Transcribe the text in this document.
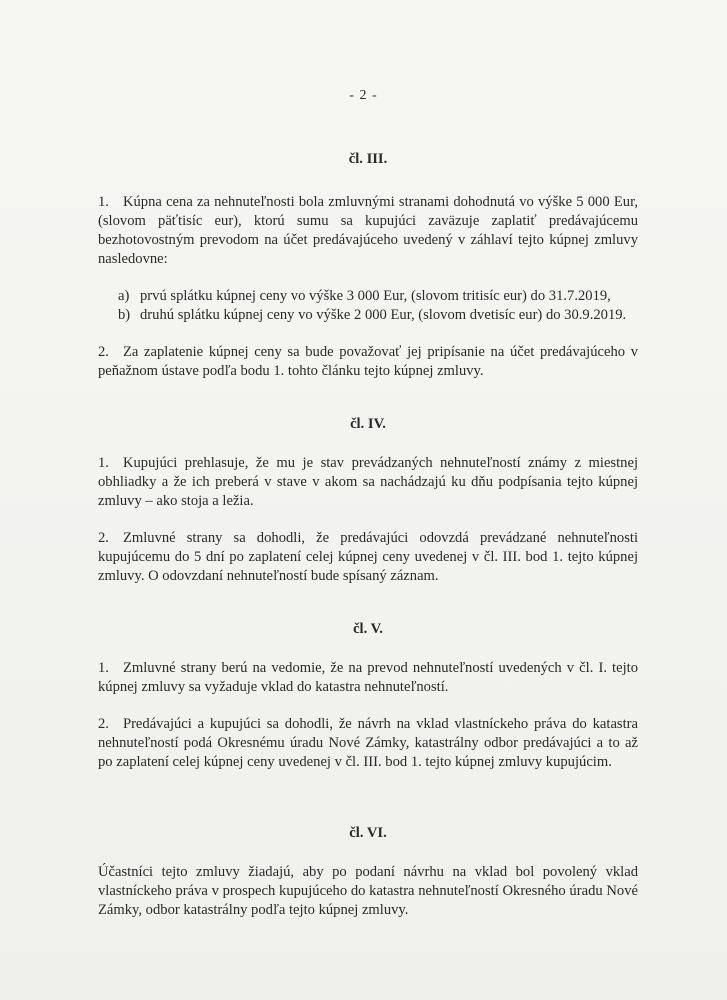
- 2 -
čl. III.

1. Kúpna cena za nehnuteľnosti bola zmluvnými stranami dohodnutá vo výške 5 000 Eur, (slovom päťtisíc eur), ktorú sumu sa kupujúci zaväzuje zaplatiť predávajúcemu bezhotovostným prevodom na účet predávajúceho uvedený v záhlaví tejto kúpnej zmluvy nasledovne:

a) prvú splátku kúpnej ceny vo výške 3 000 Eur, (slovom tritisíc eur) do 31.7.2019,
b) druhú splátku kúpnej ceny vo výške 2 000 Eur, (slovom dvetisíc eur) do 30.9.2019.

2. Za zaplatenie kúpnej ceny sa bude považovať jej pripísanie na účet predávajúceho v peňažnom ústave podľa bodu 1. tohto článku tejto kúpnej zmluvy.

čl. IV.

1. Kupujúci prehlasuje, že mu je stav prevádzaných nehnuteľností známy z miestnej obhliadky a že ich preberá v stave v akom sa nachádzajú ku dňu podpísania tejto kúpnej zmluvy – ako stoja a ležia.

2. Zmluvné strany sa dohodli, že predávajúci odovzdá prevádzané nehnuteľnosti kupujúcemu do 5 dní po zaplatení celej kúpnej ceny uvedenej v čl. III. bod 1. tejto kúpnej zmluvy. O odovzdaní nehnuteľností bude spísaný záznam.

čl. V.

1. Zmluvné strany berú na vedomie, že na prevod nehnuteľností uvedených v čl. I. tejto kúpnej zmluvy sa vyžaduje vklad do katastra nehnuteľností.

2. Predávajúci a kupujúci sa dohodli, že návrh na vklad vlastníckeho práva do katastra nehnuteľností podá Okresnému úradu Nové Zámky, katastrálny odbor predávajúci a to až po zaplatení celej kúpnej ceny uvedenej v čl. III. bod 1. tejto kúpnej zmluvy kupujúcim.

čl. VI.

Účastníci tejto zmluvy žiadajú, aby po podaní návrhu na vklad bol povolený vklad vlastníckeho práva v prospech kupujúceho do katastra nehnuteľností Okresného úradu Nové Zámky, odbor katastrálny podľa tejto kúpnej zmluvy.
